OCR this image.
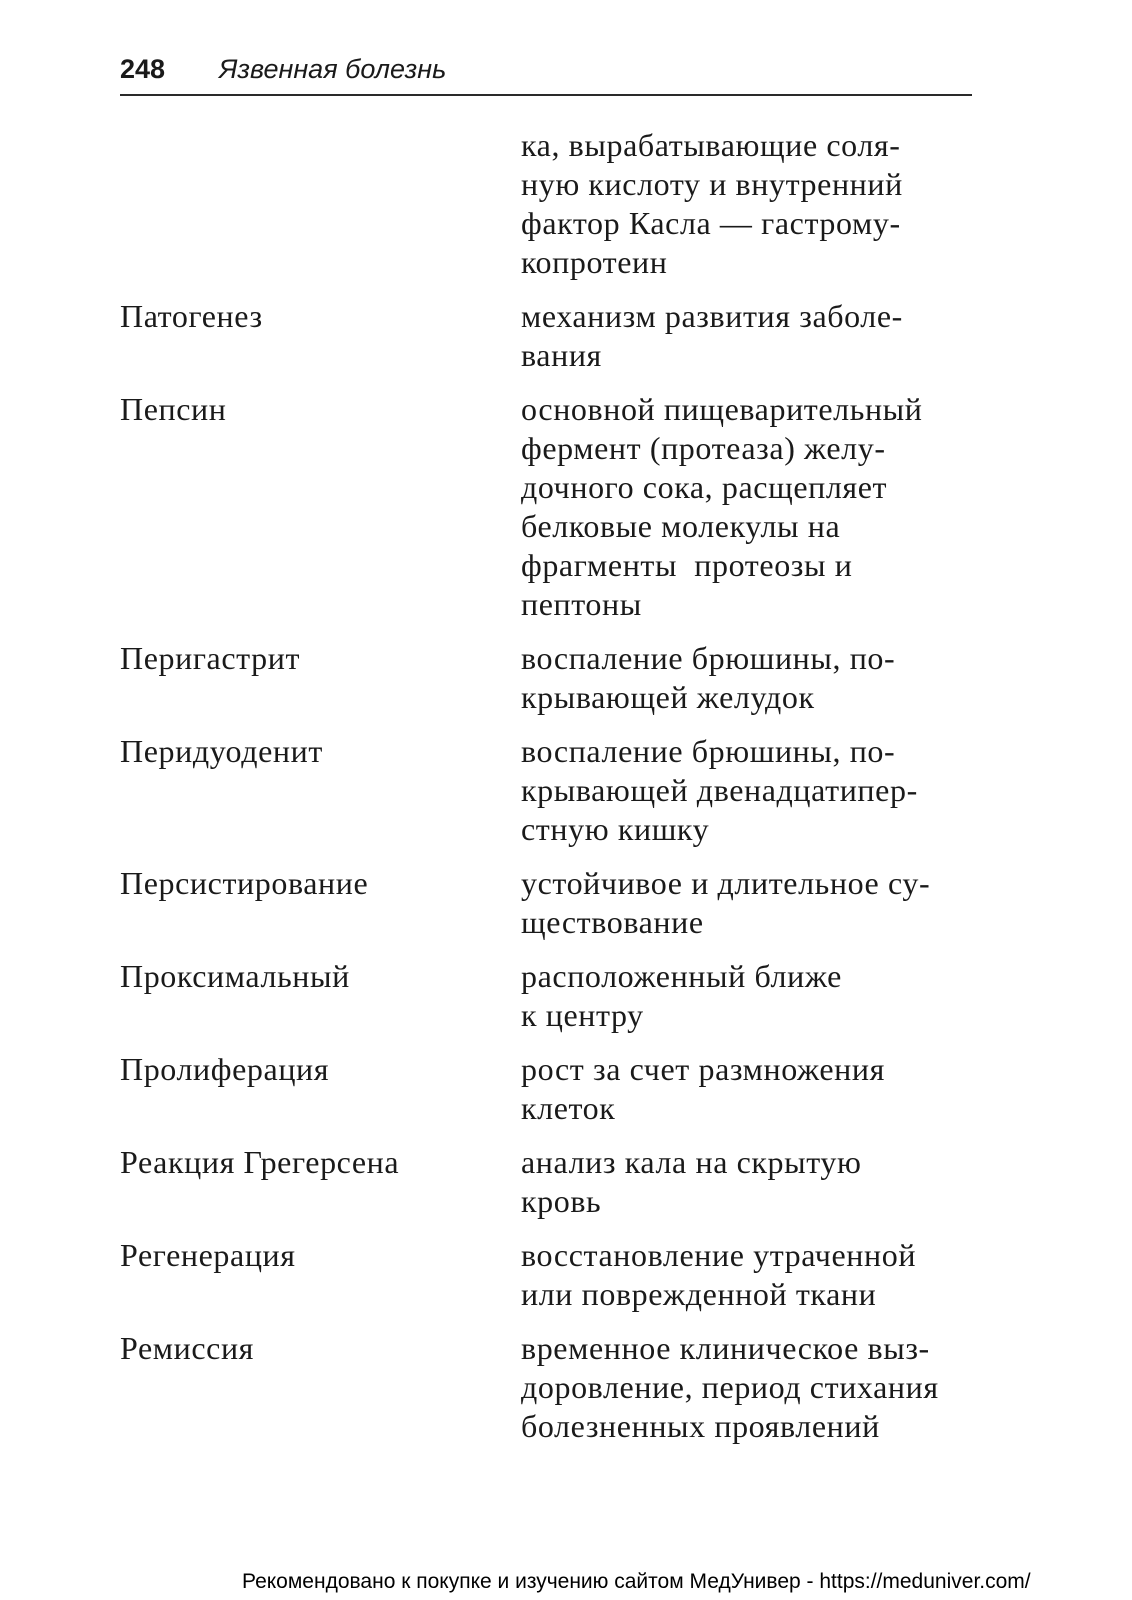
248 Язвенная болезнь
ка, вырабатывающие соля-
ную кислоту и внутренний
фактор Касла — гастрому-
копротеин
Патогенез	механизм развития заболе-
вания
Пепсин	основной пищеварительный
фермент (протеаза) желу-
дочного сока, расщепляет
белковые молекулы на
фрагменты  протеозы и
пептоны
Перигастрит	воспаление брюшины, по-
крывающей желудок
Перидуоденит	воспаление брюшины, по-
крывающей двенадцатипер-
стную кишку
Персистирование	устойчивое и длительное су-
ществование
Проксимальный	расположенный ближе
к центру
Пролиферация	рост за счет размножения
клеток
Реакция Грегерсена	анализ кала на скрытую
кровь
Регенерация	восстановление утраченной
или поврежденной ткани
Ремиссия	временное клиническое выз-
доровление, период стихания
болезненных проявлений
Рекомендовано к покупке и изучению сайтом МедУнивер - https://meduniver.com/
